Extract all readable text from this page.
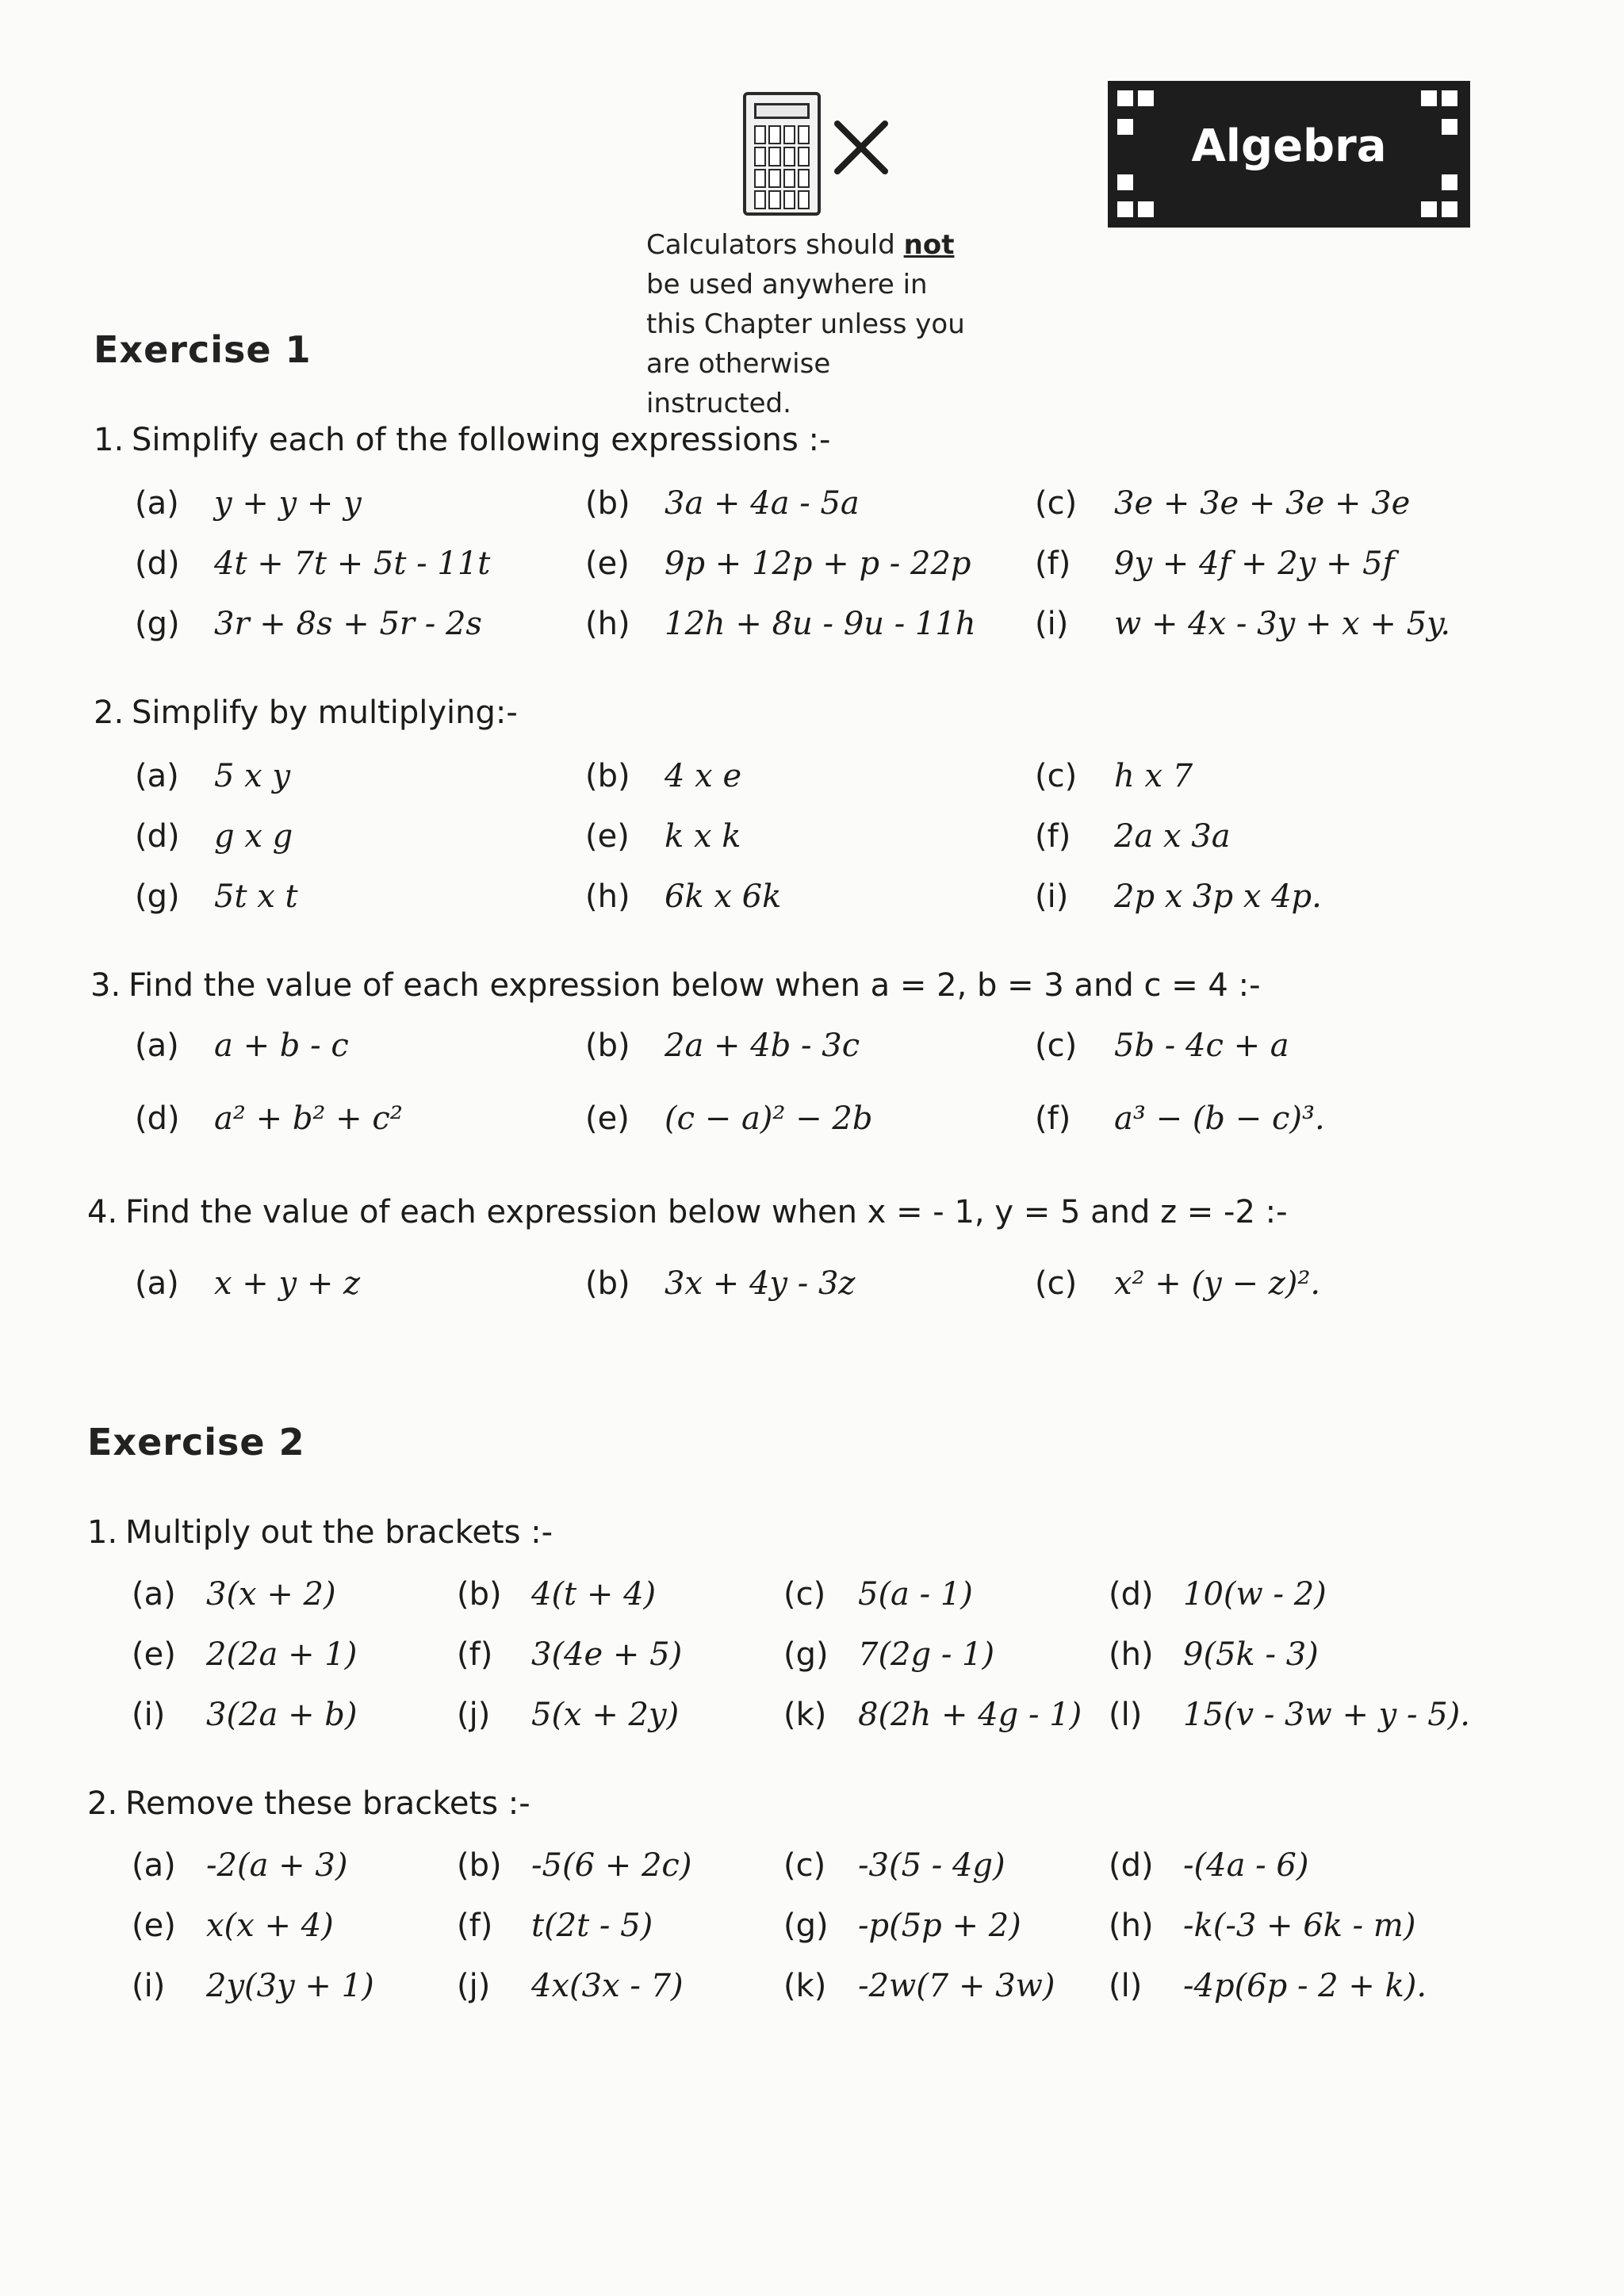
Calculators should not be used anywhere in this Chapter unless you are otherwise instructed.
Algebra
Exercise 1
1. Simplify each of the following expressions :-
(a) y + y + y	(b) 3a + 4a - 5a	(c) 3e + 3e + 3e + 3e
(d) 4t + 7t + 5t - 11t	(e) 9p + 12p + p - 22p (f) 9y + 4f + 2y + 5f
(g) 3r + 8s + 5r - 2s	(h) 12h + 8u - 9u - 11h (i) w + 4x - 3y + x + 5y.
2. Simplify by multiplying:-
(a) 5 x y	(b) 4 x e	(c) h x 7
(d) g x g	(e) k x k	(f) 2a x 3a
(g) 5t x t	(h) 6k x 6k	(i) 2p x 3p x 4p.
3. Find the value of each expression below when a = 2, b = 3 and c = 4 :-
(a) a + b - c	(b) 2a + 4b - 3c	(c) 5b - 4c + a
(d) a² + b² + c²	(e) (c − a)² − 2b	(f) a³ − (b − c)³.
4. Find the value of each expression below when x = - 1, y = 5 and z = -2 :-
(a) x + y + z	(b) 3x + 4y - 3z	(c) x² + (y − z)².
Exercise 2
1. Multiply out the brackets :-
(a) 3(x + 2)	(b) 4(t + 4)	(c) 5(a - 1)	(d) 10(w - 2)
(e) 2(2a + 1)	(f) 3(4e + 5)	(g) 7(2g - 1)	(h) 9(5k - 3)
(i) 3(2a + b)	(j) 5(x + 2y)	(k) 8(2h + 4g - 1) (l) 15(v - 3w + y - 5).
2. Remove these brackets :-
(a) -2(a + 3)	(b) -5(6 + 2c)	(c) -3(5 - 4g)	(d) -(4a - 6)
(e) x(x + 4)	(f) t(2t - 5)	(g) -p(5p + 2)	(h) -k(-3 + 6k - m)
(i) 2y(3y + 1)	(j) 4x(3x - 7)	(k) -2w(7 + 3w) (l) -4p(6p - 2 + k).
